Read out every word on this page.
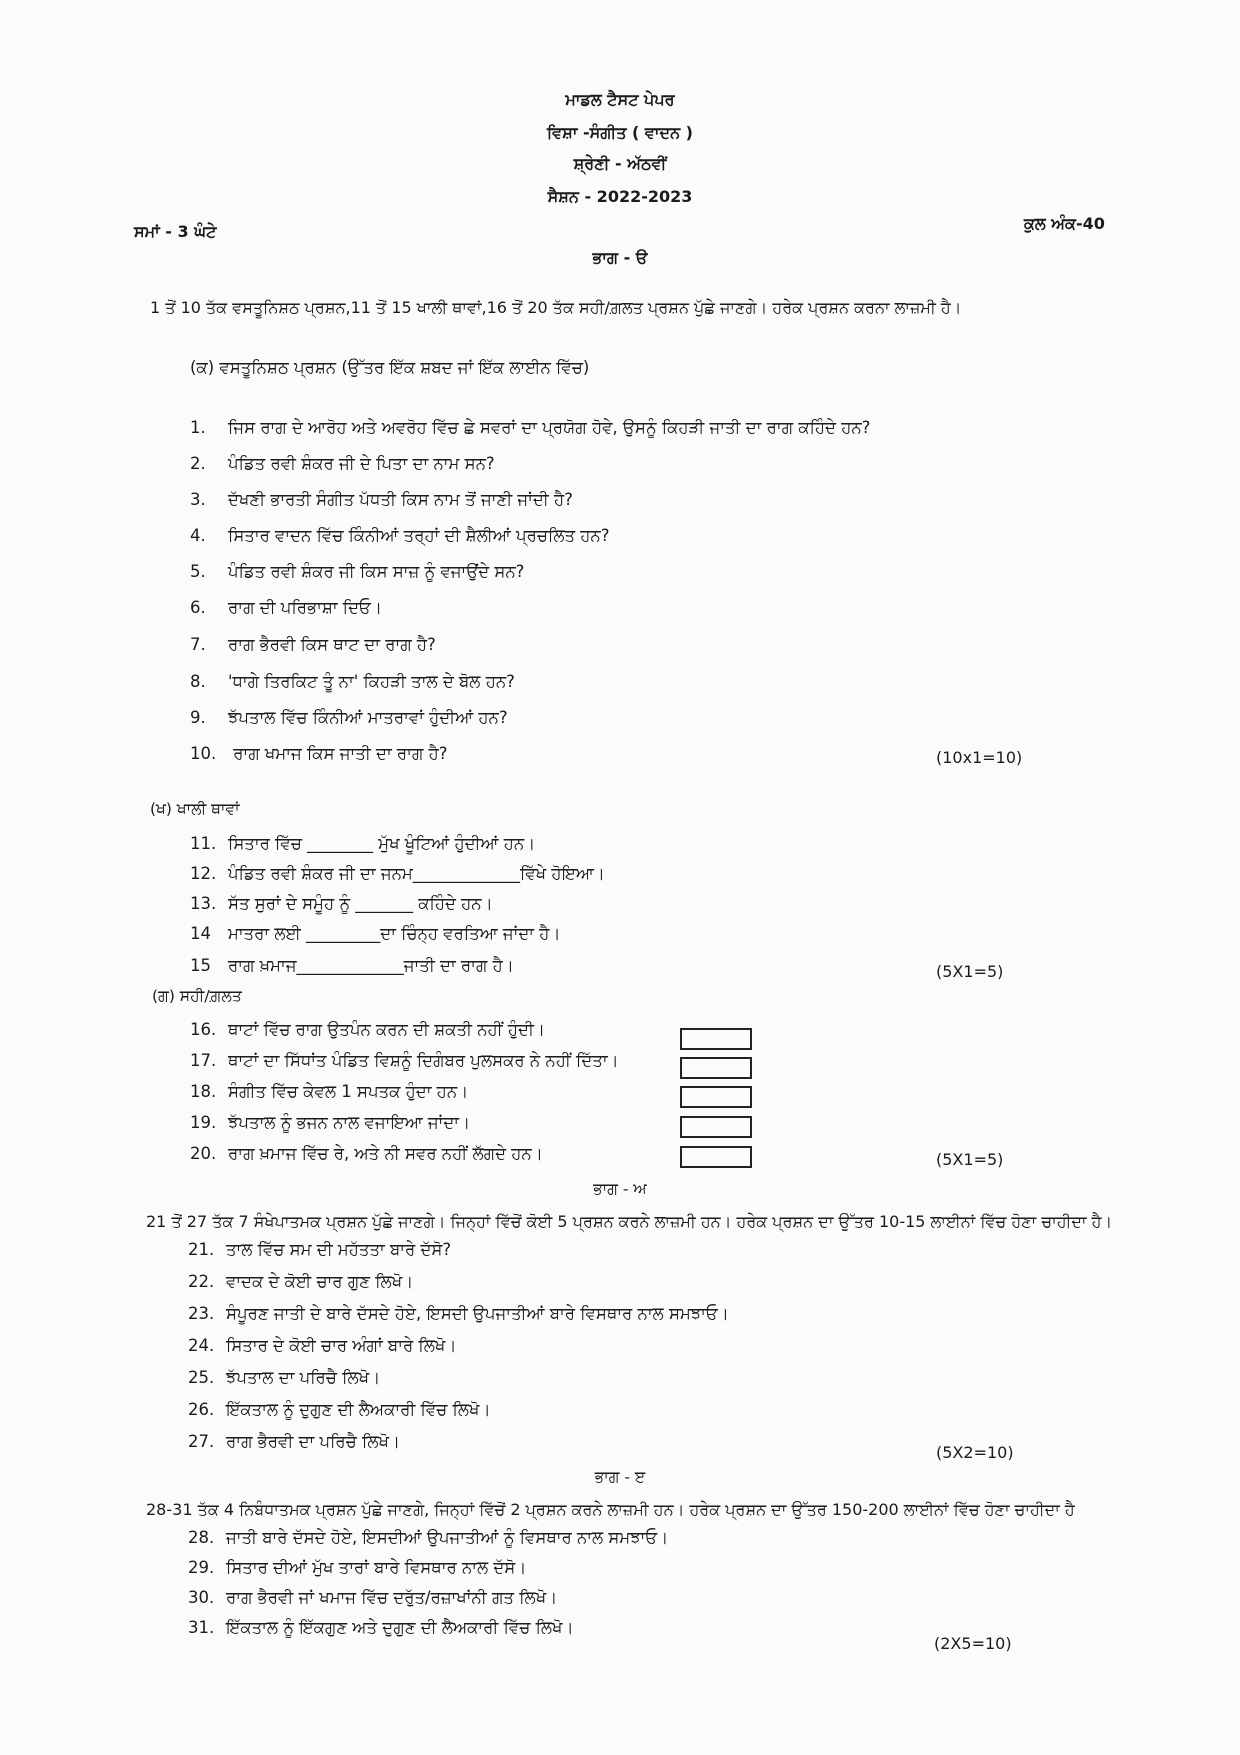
ਮਾਡਲ ਟੈਸਟ ਪੇਪਰ
ਵਿਸ਼ਾ -ਸੰਗੀਤ ( ਵਾਦਨ )
ਸ਼੍ਰੇਣੀ - ਅੱਠਵੀਂ
ਸੈਸ਼ਨ - 2022-2023
ਸਮਾਂ - 3 ਘੰਟੇ	ਕੁਲ ਅੰਕ-40
ਭਾਗ - ੳ
1 ਤੋਂ 10 ਤੱਕ ਵਸਤੂਨਿਸ਼ਠ ਪ੍ਰਸ਼ਨ,11 ਤੋਂ 15 ਖਾਲੀ ਥਾਵਾਂ,16 ਤੋਂ 20 ਤੱਕ ਸਹੀ/ਗ਼ਲਤ ਪ੍ਰਸ਼ਨ ਪੁੱਛੇ ਜਾਣਗੇ। ਹਰੇਕ ਪ੍ਰਸ਼ਨ ਕਰਨਾ ਲਾਜ਼ਮੀ ਹੈ।
(ਕ) ਵਸਤੂਨਿਸ਼ਠ ਪ੍ਰਸ਼ਨ (ਉੱਤਰ ਇੱਕ ਸ਼ਬਦ ਜਾਂ ਇੱਕ ਲਾਈਨ ਵਿੱਚ)
1. ਜਿਸ ਰਾਗ ਦੇ ਆਰੋਹ ਅਤੇ ਅਵਰੋਹ ਵਿੱਚ ਛੇ ਸਵਰਾਂ ਦਾ ਪ੍ਰਯੋਗ ਹੋਵੇ, ਉਸਨੂੰ ਕਿਹੜੀ ਜਾਤੀ ਦਾ ਰਾਗ ਕਹਿੰਦੇ ਹਨ?
2. ਪੰਡਿਤ ਰਵੀ ਸ਼ੰਕਰ ਜੀ ਦੇ ਪਿਤਾ ਦਾ ਨਾਮ ਸਨ?
3. ਦੱਖਣੀ ਭਾਰਤੀ ਸੰਗੀਤ ਪੱਧਤੀ ਕਿਸ ਨਾਮ ਤੋਂ ਜਾਣੀ ਜਾਂਦੀ ਹੈ?
4. ਸਿਤਾਰ ਵਾਦਨ ਵਿੱਚ ਕਿੰਨੀਆਂ ਤਰ੍ਹਾਂ ਦੀ ਸ਼ੈਲੀਆਂ ਪ੍ਰਚਲਿਤ ਹਨ?
5. ਪੰਡਿਤ ਰਵੀ ਸ਼ੰਕਰ ਜੀ ਕਿਸ ਸਾਜ਼ ਨੂੰ ਵਜਾਉਂਦੇ ਸਨ?
6. ਰਾਗ ਦੀ ਪਰਿਭਾਸ਼ਾ ਦਿਓ।
7. ਰਾਗ ਭੈਰਵੀ ਕਿਸ ਥਾਟ ਦਾ ਰਾਗ ਹੈ?
8. 'ਧਾਗੇ ਤਿਰਕਿਟ ਤੂੰ ਨਾ' ਕਿਹੜੀ ਤਾਲ ਦੇ ਬੋਲ ਹਨ?
9. ਝੱਪਤਾਲ ਵਿੱਚ ਕਿੰਨੀਆਂ ਮਾਤਰਾਵਾਂ ਹੁੰਦੀਆਂ ਹਨ?
10. ਰਾਗ ਖਮਾਜ ਕਿਸ ਜਾਤੀ ਦਾ ਰਾਗ ਹੈ?	(10x1=10)
(ਖ) ਖਾਲੀ ਥਾਵਾਂ
11. ਸਿਤਾਰ ਵਿੱਚ ________ ਮੁੱਖ ਖੂੰਟਿਆਂ ਹੁੰਦੀਆਂ ਹਨ।
12. ਪੰਡਿਤ ਰਵੀ ਸ਼ੰਕਰ ਜੀ ਦਾ ਜਨਮ_____________ਵਿੱਖੇ ਹੋਇਆ।
13. ਸੱਤ ਸੁਰਾਂ ਦੇ ਸਮੂੰਹ ਨੂੰ _______ ਕਹਿੰਦੇ ਹਨ।
14 ਮਾਤਰਾ ਲਈ _________ਦਾ ਚਿੰਨ੍ਹ ਵਰਤਿਆ ਜਾਂਦਾ ਹੈ।
15 ਰਾਗ ਖ਼ਮਾਜ_____________ਜਾਤੀ ਦਾ ਰਾਗ ਹੈ।	(5X1=5)
(ਗ) ਸਹੀ/ਗ਼ਲਤ
16. ਥਾਟਾਂ ਵਿੱਚ ਰਾਗ ਉਤਪੰਨ ਕਰਨ ਦੀ ਸ਼ਕਤੀ ਨਹੀਂ ਹੁੰਦੀ।
17. ਥਾਟਾਂ ਦਾ ਸਿੱਧਾਂਤ ਪੰਡਿਤ ਵਿਸ਼ਨੂੰ ਦਿਗੰਬਰ ਪੁਲਸਕਰ ਨੇ ਨਹੀਂ ਦਿੱਤਾ।
18. ਸੰਗੀਤ ਵਿੱਚ ਕੇਵਲ 1 ਸਪਤਕ ਹੁੰਦਾ ਹਨ।
19. ਝੱਪਤਾਲ ਨੂੰ ਭਜਨ ਨਾਲ ਵਜਾਇਆ ਜਾਂਦਾ।
20. ਰਾਗ ਖ਼ਮਾਜ ਵਿੱਚ ਰੇ, ਅਤੇ ਨੀ ਸਵਰ ਨਹੀਂ ਲੱਗਦੇ ਹਨ।	(5X1=5)
ਭਾਗ - ਅ
21 ਤੋਂ 27 ਤੱਕ 7 ਸੰਖੇਪਾਤਮਕ ਪ੍ਰਸ਼ਨ ਪੁੱਛੇ ਜਾਣਗੇ। ਜਿਨ੍ਹਾਂ ਵਿੱਚੋਂ ਕੋਈ 5 ਪ੍ਰਸ਼ਨ ਕਰਨੇ ਲਾਜ਼ਮੀ ਹਨ। ਹਰੇਕ ਪ੍ਰਸ਼ਨ ਦਾ ਉੱਤਰ 10-15 ਲਾਈਨਾਂ ਵਿੱਚ ਹੋਣਾ ਚਾਹੀਦਾ ਹੈ।
21. ਤਾਲ ਵਿੱਚ ਸਮ ਦੀ ਮਹੱਤਤਾ ਬਾਰੇ ਦੱਸੋ?
22. ਵਾਦਕ ਦੇ ਕੋਈ ਚਾਰ ਗੁਣ ਲਿਖੋ।
23. ਸੰਪੂਰਣ ਜਾਤੀ ਦੇ ਬਾਰੇ ਦੱਸਦੇ ਹੋਏ, ਇਸਦੀ ਉਪਜਾਤੀਆਂ ਬਾਰੇ ਵਿਸਥਾਰ ਨਾਲ ਸਮਝਾਓ।
24. ਸਿਤਾਰ ਦੇ ਕੋਈ ਚਾਰ ਅੰਗਾਂ ਬਾਰੇ ਲਿਖੋ।
25. ਝੱਪਤਾਲ ਦਾ ਪਰਿਚੈ ਲਿਖੋ।
26. ਇੱਕਤਾਲ ਨੂੰ ਦੁਗੁਣ ਦੀ ਲੈਅਕਾਰੀ ਵਿੱਚ ਲਿਖੋ।
27. ਰਾਗ ਭੈਰਵੀ ਦਾ ਪਰਿਚੈ ਲਿਖੋ।
(5X2=10)
ਭਾਗ - ੲ
28-31 ਤੱਕ 4 ਨਿਬੰਧਾਤਮਕ ਪ੍ਰਸ਼ਨ ਪੁੱਛੇ ਜਾਣਗੇ, ਜਿਨ੍ਹਾਂ ਵਿੱਚੋਂ 2 ਪ੍ਰਸ਼ਨ ਕਰਨੇ ਲਾਜ਼ਮੀ ਹਨ। ਹਰੇਕ ਪ੍ਰਸ਼ਨ ਦਾ ਉੱਤਰ 150-200 ਲਾਈਨਾਂ ਵਿੱਚ ਹੋਣਾ ਚਾਹੀਦਾ ਹੈ
28. ਜਾਤੀ ਬਾਰੇ ਦੱਸਦੇ ਹੋਏ, ਇਸਦੀਆਂ ਉਪਜਾਤੀਆਂ ਨੂੰ ਵਿਸਥਾਰ ਨਾਲ ਸਮਝਾਓ।
29. ਸਿਤਾਰ ਦੀਆਂ ਮੁੱਖ ਤਾਰਾਂ ਬਾਰੇ ਵਿਸਥਾਰ ਨਾਲ ਦੱਸੋ।
30. ਰਾਗ ਭੈਰਵੀ ਜਾਂ ਖਮਾਜ ਵਿੱਚ ਦਰੁੱਤ/ਰਜ਼ਾਖਾਂਨੀ ਗਤ ਲਿਖੋ।
31. ਇੱਕਤਾਲ ਨੂੰ ਇੱਕਗੁਣ ਅਤੇ ਦੁਗੁਣ ਦੀ ਲੈਅਕਾਰੀ ਵਿੱਚ ਲਿਖੋ।
(2X5=10)
